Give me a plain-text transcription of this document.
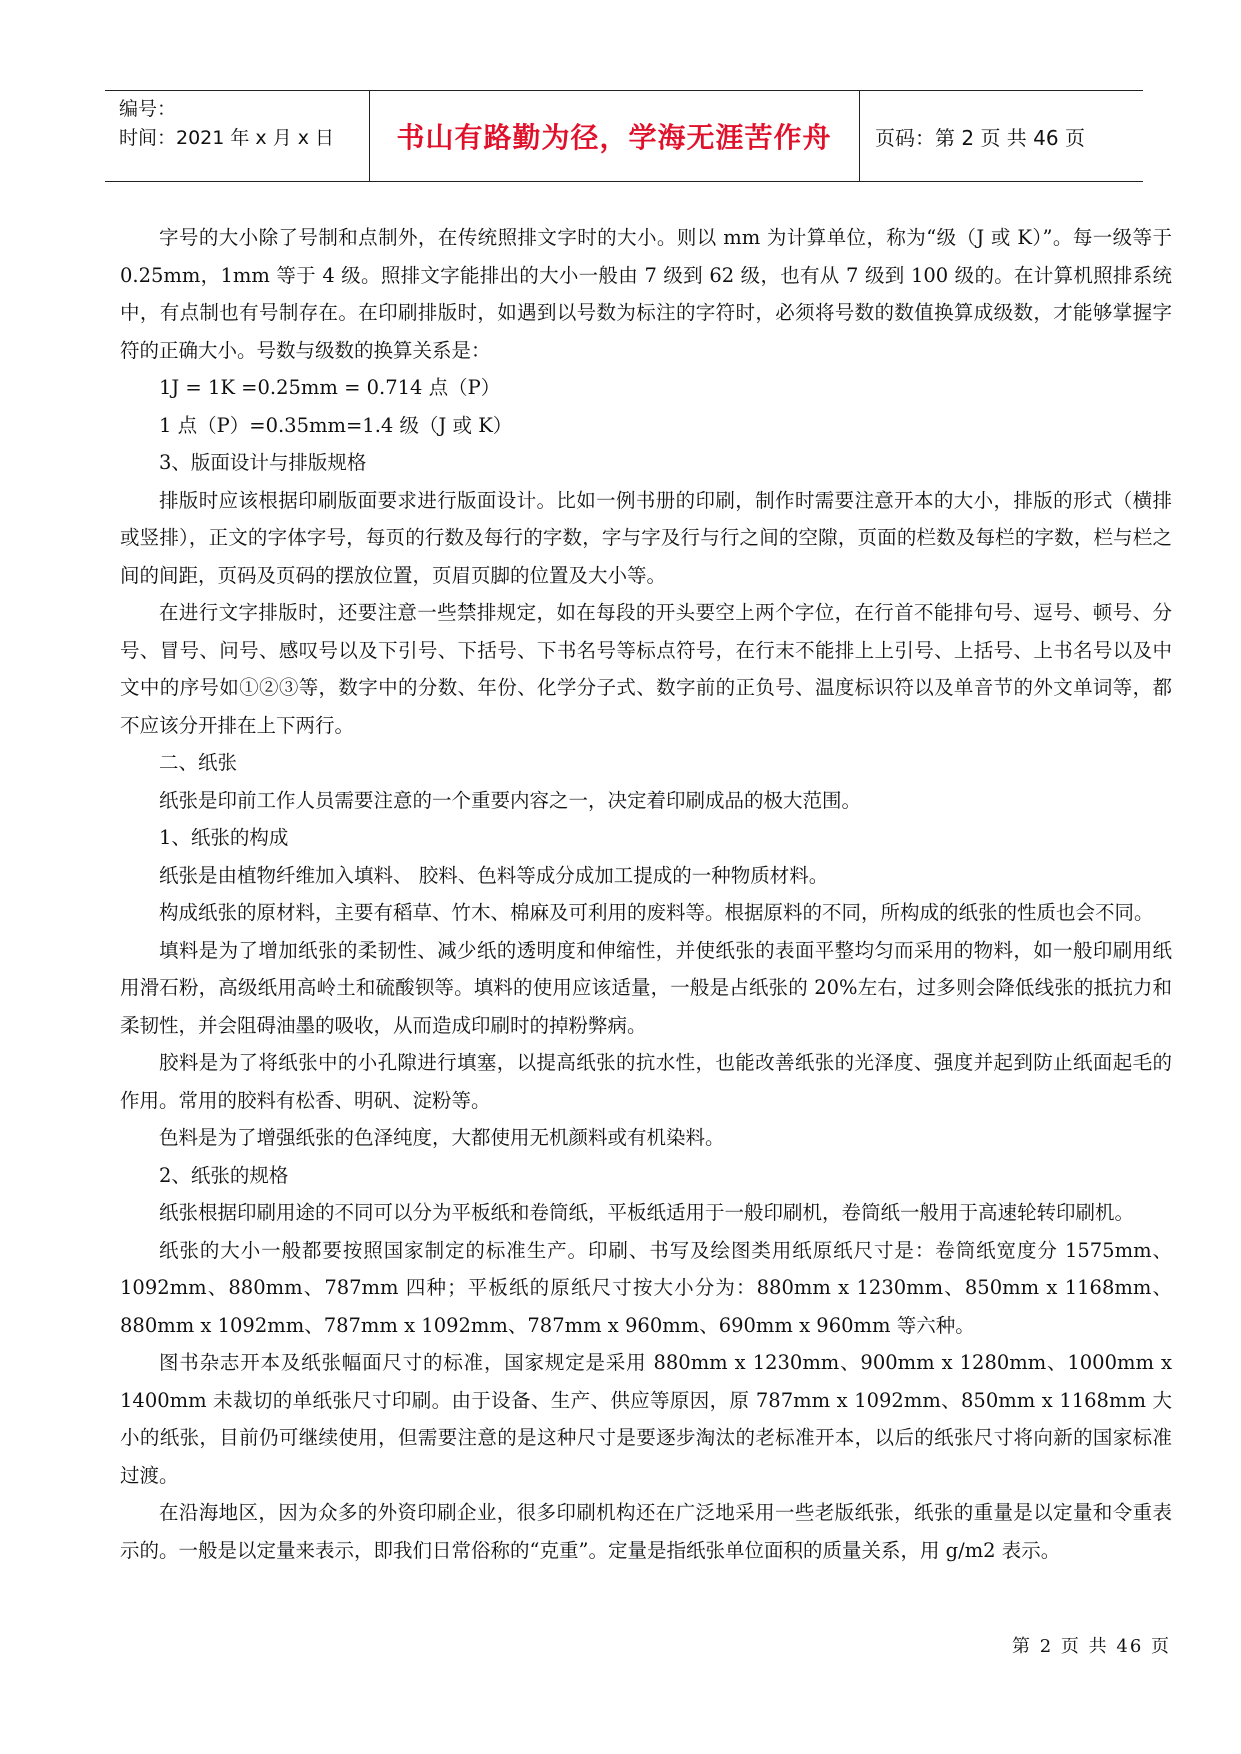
编号：
时间：2021 年 x 月 x 日	书山有路勤为径，学海无涯苦作舟	页码：第 2 页 共 46 页

字号的大小除了号制和点制外，在传统照排文字时的大小。则以 mm 为计算单位，称为“级（J 或 K）”。每一级等于 0.25mm，1mm 等于 4 级。照排文字能排出的大小一般由 7 级到 62 级，也有从 7 级到 100 级的。在计算机照排系统中，有点制也有号制存在。在印刷排版时，如遇到以号数为标注的字符时，必须将号数的数值换算成级数，才能够掌握字符的正确大小。号数与级数的换算关系是：

1J = 1K =0.25mm = 0.714 点（P）

1 点（P）=0.35mm=1.4 级（J 或 K）

3、版面设计与排版规格

排版时应该根据印刷版面要求进行版面设计。比如一例书册的印刷，制作时需要注意开本的大小，排版的形式（横排或竖排），正文的字体字号，每页的行数及每行的字数，字与字及行与行之间的空隙，页面的栏数及每栏的字数，栏与栏之间的间距，页码及页码的摆放位置，页眉页脚的位置及大小等。

在进行文字排版时，还要注意一些禁排规定，如在每段的开头要空上两个字位，在行首不能排句号、逗号、顿号、分号、冒号、问号、感叹号以及下引号、下括号、下书名号等标点符号，在行末不能排上上引号、上括号、上书名号以及中文中的序号如①②③等，数字中的分数、年份、化学分子式、数字前的正负号、温度标识符以及单音节的外文单词等，都不应该分开排在上下两行。

二、纸张

纸张是印前工作人员需要注意的一个重要内容之一，决定着印刷成品的极大范围。

1、纸张的构成

纸张是由植物纤维加入填料、 胶料、色料等成分成加工提成的一种物质材料。

构成纸张的原材料，主要有稻草、竹木、棉麻及可利用的废料等。根据原料的不同，所构成的纸张的性质也会不同。

填料是为了增加纸张的柔韧性、减少纸的透明度和伸缩性，并使纸张的表面平整均匀而采用的物料，如一般印刷用纸用滑石粉，高级纸用高岭土和硫酸钡等。填料的使用应该适量，一般是占纸张的 20%左右，过多则会降低线张的抵抗力和柔韧性，并会阻碍油墨的吸收，从而造成印刷时的掉粉弊病。

胶料是为了将纸张中的小孔隙进行填塞，以提高纸张的抗水性，也能改善纸张的光泽度、强度并起到防止纸面起毛的作用。常用的胶料有松香、明矾、淀粉等。

色料是为了增强纸张的色泽纯度，大都使用无机颜料或有机染料。

2、纸张的规格

纸张根据印刷用途的不同可以分为平板纸和卷筒纸，平板纸适用于一般印刷机，卷筒纸一般用于高速轮转印刷机。

纸张的大小一般都要按照国家制定的标准生产。印刷、书写及绘图类用纸原纸尺寸是：卷筒纸宽度分 1575mm、1092mm、880mm、787mm 四种；平板纸的原纸尺寸按大小分为：880mm x 1230mm、850mm x 1168mm、880mm x 1092mm、787mm x 1092mm、787mm x 960mm、690mm x 960mm 等六种。

图书杂志开本及纸张幅面尺寸的标准，国家规定是采用 880mm x 1230mm、900mm x 1280mm、1000mm x 1400mm 未裁切的单纸张尺寸印刷。由于设备、生产、供应等原因，原 787mm x 1092mm、850mm x 1168mm 大小的纸张，目前仍可继续使用，但需要注意的是这种尺寸是要逐步淘汰的老标准开本，以后的纸张尺寸将向新的国家标准过渡。

在沿海地区，因为众多的外资印刷企业，很多印刷机构还在广泛地采用一些老版纸张，纸张的重量是以定量和令重表示的。一般是以定量来表示，即我们日常俗称的“克重”。定量是指纸张单位面积的质量关系，用 g/m2 表示。

第 2 页 共 46 页
